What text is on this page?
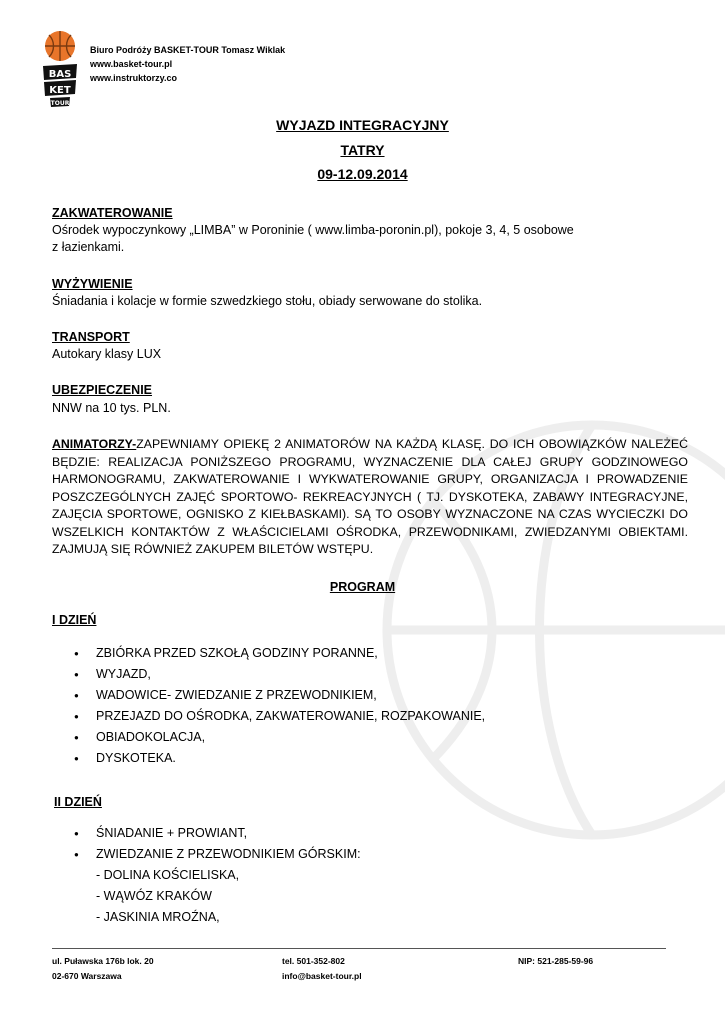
BAS
KET
TOUR
Biuro Podróży BASKET-TOUR Tomasz Wiklak
www.basket-tour.pl
www.instruktorzy.co
WYJAZD INTEGRACYJNY
TATRY
09-12.09.2014
ZAKWATEROWANIE
Ośrodek wypoczynkowy „LIMBA” w Poroninie ( www.limba-poronin.pl), pokoje 3, 4, 5 osobowe
z łazienkami.
WYŻYWIENIE
Śniadania i kolacje w formie szwedzkiego stołu, obiady serwowane do stolika.
TRANSPORT
Autokary klasy LUX
UBEZPIECZENIE
NNW na 10 tys. PLN.
ANIMATORZY-ZAPEWNIAMY OPIEKĘ 2 ANIMATORÓW NA KAŻDĄ KLASĘ. DO ICH OBOWIĄZKÓW NALEŻEĆ BĘDZIE: REALIZACJA PONIŻSZEGO PROGRAMU, WYZNACZENIE DLA CAŁEJ GRUPY GODZINOWEGO HARMONOGRAMU, ZAKWATEROWANIE I WYKWATEROWANIE GRUPY, ORGANIZACJA I PROWADZENIE POSZCZEGÓLNYCH ZAJĘĆ SPORTOWO- REKREACYJNYCH ( TJ. DYSKOTEKA, ZABAWY INTEGRACYJNE, ZAJĘCIA SPORTOWE, OGNISKO Z KIEŁBASKAMI). SĄ TO OSOBY WYZNACZONE NA CZAS WYCIECZKI DO WSZELKICH KONTAKTÓW Z WŁAŚCICIELAMI OŚRODKA, PRZEWODNIKAMI, ZWIEDZANYMI OBIEKTAMI. ZAJMUJĄ SIĘ RÓWNIEŻ ZAKUPEM BILETÓW WSTĘPU.
PROGRAM
I DZIEŃ
● ZBIÓRKA PRZED SZKOŁĄ GODZINY PORANNE,
● WYJAZD,
● WADOWICE- ZWIEDZANIE Z PRZEWODNIKIEM,
● PRZEJAZD DO OŚRODKA, ZAKWATEROWANIE, ROZPAKOWANIE,
● OBIADOKOLACJA,
● DYSKOTEKA.
II DZIEŃ
● ŚNIADANIE + PROWIANT,
● ZWIEDZANIE Z PRZEWODNIKIEM GÓRSKIM:
- DOLINA KOŚCIELISKA,
- WĄWÓZ KRAKÓW
- JASKINIA MROŹNA,
ul. Puławska 176b lok. 20
02-670 Warszawa
tel. 501-352-802
info@basket-tour.pl
NIP: 521-285-59-96
